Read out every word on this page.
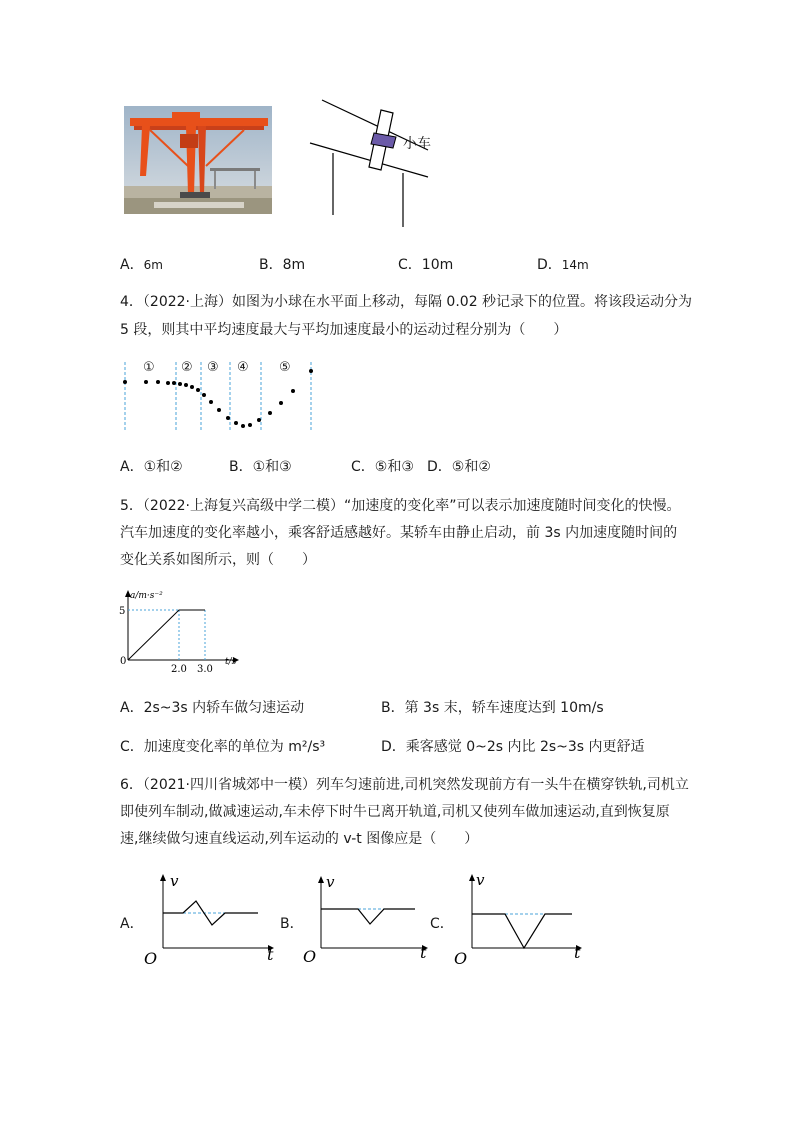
小车
A．6m	B．8m	C．10m	D．14m
4．（2022·上海）如图为小球在水平面上移动，每隔 0.02 秒记录下的位置。将该段运动分为
5 段，则其中平均速度最大与平均加速度最小的运动过程分别为（　　）
① ② ③ ④ ⑤
A．①和②	B．①和③	C．⑤和③ D．⑤和②
5．（2022·上海复兴高级中学二模）“加速度的变化率”可以表示加速度随时间变化的快慢。
汽车加速度的变化率越小，乘客舒适感越好。某轿车由静止启动，前 3s 内加速度随时间的
变化关系如图所示，则（　　）
a/m·s⁻²
5
0
2.0 3.0
t/s
A．2s~3s 内轿车做匀速运动	B．第 3s 末，轿车速度达到 10m/s
C．加速度变化率的单位为 m²/s³	D．乘客感觉 0~2s 内比 2s~3s 内更舒适
6．（2021·四川省城郊中一模）列车匀速前进,司机突然发现前方有一头牛在横穿铁轨,司机立
即使列车制动,做减速运动,车未停下时牛已离开轨道,司机又使列车做加速运动,直到恢复原
速,继续做匀速直线运动,列车运动的 v-t 图像应是（　　）
A．
v
O	t
B．
v
O	t
C．
v
O	t
